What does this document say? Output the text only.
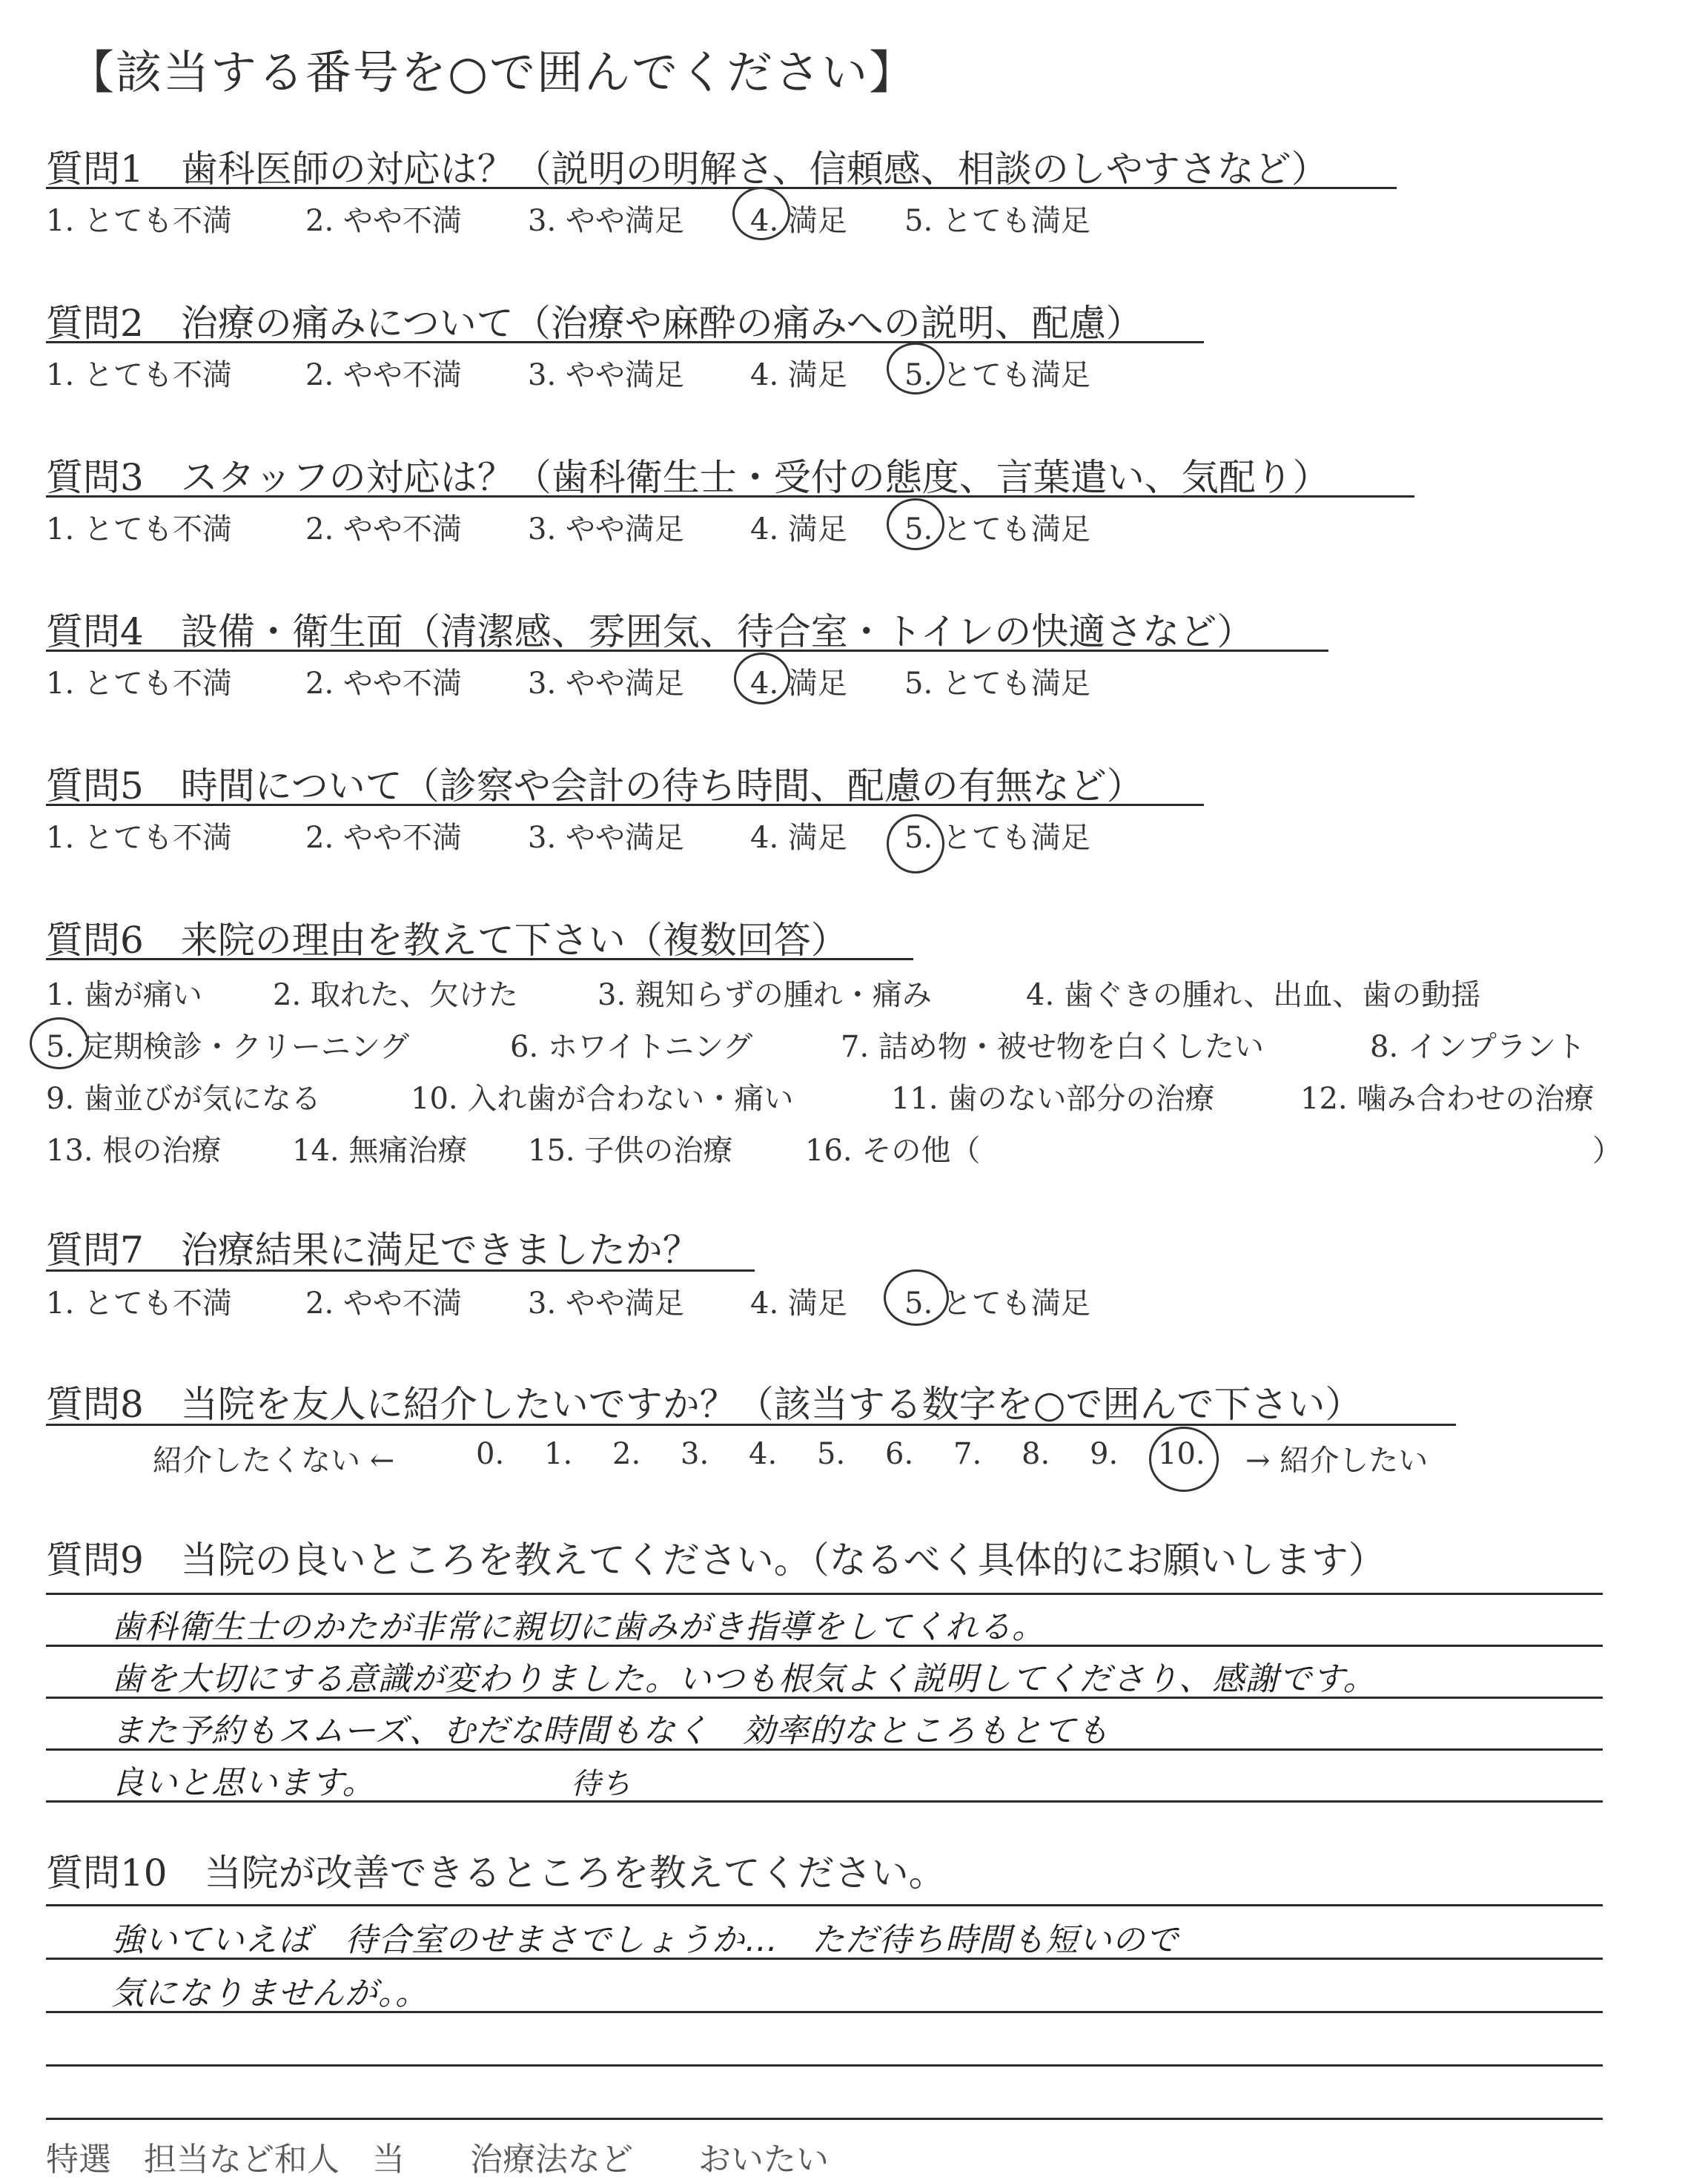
【該当する番号を○で囲んでください】
質問1　歯科医師の対応は？（説明の明解さ、信頼感、相談のしやすさなど）
1. とても不満 2. やや不満 3. やや満足 4. 満足 5. とても満足
質問2　治療の痛みについて（治療や麻酔の痛みへの説明、配慮）
1. とても不満 2. やや不満 3. やや満足 4. 満足 5. とても満足
質問3　スタッフの対応は？（歯科衛生士・受付の態度、言葉遣い、気配り）
1. とても不満 2. やや不満 3. やや満足 4. 満足 5. とても満足
質問4　設備・衛生面（清潔感、雰囲気、待合室・トイレの快適さなど）
1. とても不満 2. やや不満 3. やや満足 4. 満足 5. とても満足
質問5　時間について（診察や会計の待ち時間、配慮の有無など）
1. とても不満 2. やや不満 3. やや満足 4. 満足 5. とても満足
質問6　来院の理由を教えて下さい（複数回答）
1. 歯が痛い 2. 取れた、欠けた	3. 親知らずの腫れ・痛み	4. 歯ぐきの腫れ、出血、歯の動揺
5. 定期検診・クリーニング	6. ホワイトニング	7. 詰め物・被せ物を白くしたい	8. インプラント
9. 歯並びが気になる	10. 入れ歯が合わない・痛い	11. 歯のない部分の治療	12. 噛み合わせの治療
13. 根の治療 14. 無痛治療 15. 子供の治療 16. その他（	）
質問7　治療結果に満足できましたか？
1. とても不満 2. やや不満 3. やや満足 4. 満足 5. とても満足
質問8　当院を友人に紹介したいですか？（該当する数字を○で囲んで下さい）
紹介したくない ←	0. 1. 2. 3. 4. 5. 6. 7. 8. 9. 10. → 紹介したい
質問9　当院の良いところを教えてください。（なるべく具体的にお願いします）
歯科衛生士のかたが非常に親切に歯みがき指導をしてくれる。
歯を大切にする意識が変わりました。いつも根気よく説明してくださり、感謝です。
また予約もスムーズ、むだな時間もなく　効率的なところもとても
良いと思います。	待ち
質問10　当院が改善できるところを教えてください。
強いていえば　待合室のせまさでしょうか…　ただ待ち時間も短いので
気になりませんが。。
特選　担当など和人　当　　治療法など　　おいたい
